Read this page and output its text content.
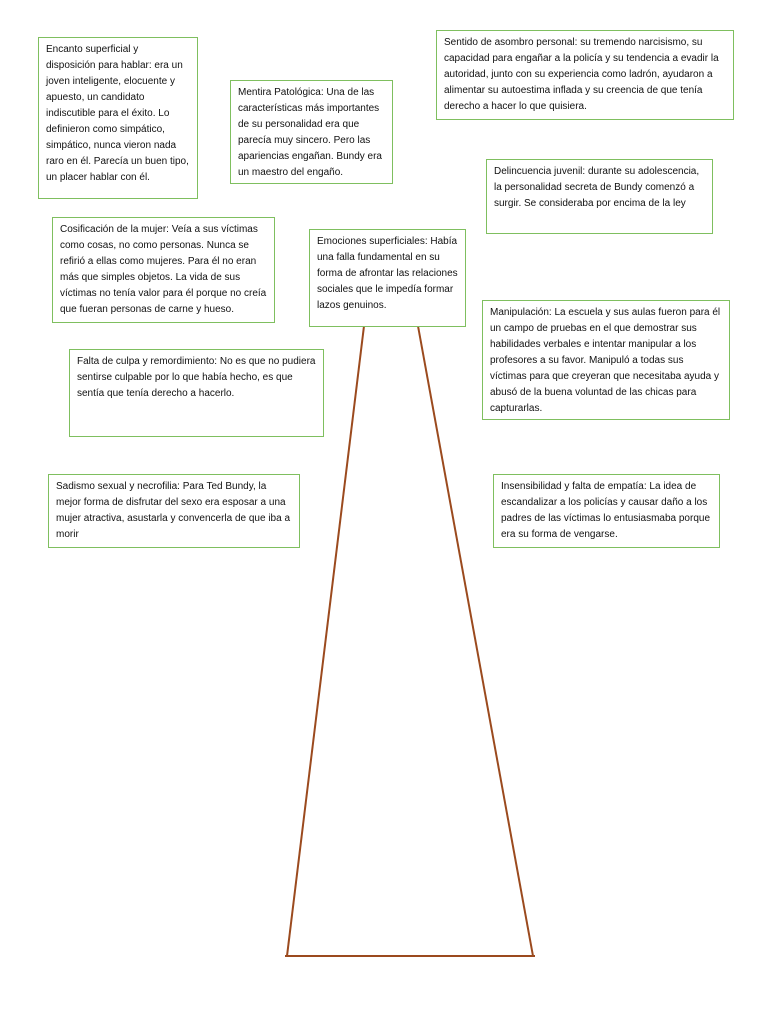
Encanto superficial y disposición para hablar: era un joven inteligente, elocuente y apuesto, un candidato indiscutible para el éxito. Lo definieron como simpático, simpático, nunca vieron nada raro en él. Parecía un buen tipo, un placer hablar con él.
Mentira Patológica: Una de las características más importantes de su personalidad era que parecía muy sincero. Pero las apariencias engañan. Bundy era un maestro del engaño.
Sentido de asombro personal: su tremendo narcisismo, su capacidad para engañar a la policía y su tendencia a evadir la autoridad, junto con su experiencia como ladrón, ayudaron a alimentar su autoestima inflada y su creencia de que tenía derecho a hacer lo que quisiera.
Delincuencia juvenil: durante su adolescencia, la personalidad secreta de Bundy comenzó a surgir. Se consideraba por encima de la ley
Cosificación de la mujer: Veía a sus víctimas como cosas, no como personas. Nunca se refirió a ellas como mujeres. Para él no eran más que simples objetos. La vida de sus víctimas no tenía valor para él porque no creía que fueran personas de carne y hueso.
Emociones superficiales: Había una falla fundamental en su forma de afrontar las relaciones sociales que le impedía formar lazos genuinos.
Manipulación: La escuela y sus aulas fueron para él un campo de pruebas en el que demostrar sus habilidades verbales e intentar manipular a los profesores a su favor. Manipuló a todas sus víctimas para que creyeran que necesitaba ayuda y abusó de la buena voluntad de las chicas para capturarlas.
Falta de culpa y remordimiento: No es que no pudiera sentirse culpable por lo que había hecho, es que sentía que tenía derecho a hacerlo.
Sadismo sexual y necrofilia: Para Ted Bundy, la mejor forma de disfrutar del sexo era esposar a una mujer atractiva, asustarla y convencerla de que iba a morir
Insensibilidad y falta de empatía: La idea de escandalizar a los policías y causar daño a los padres de las víctimas lo entusiasmaba porque era su forma de vengarse.
